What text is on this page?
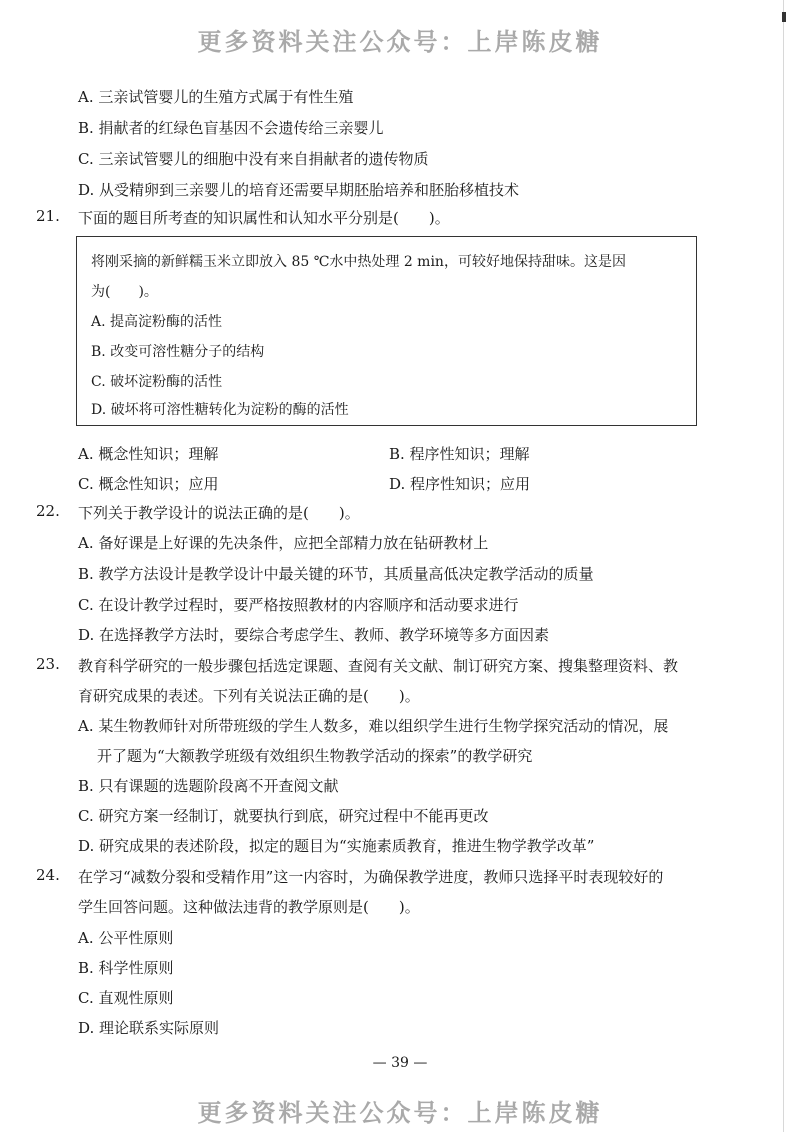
更多资料关注公众号：上岸陈皮糖
A. 三亲试管婴儿的生殖方式属于有性生殖
B. 捐献者的红绿色盲基因不会遗传给三亲婴儿
C. 三亲试管婴儿的细胞中没有来自捐献者的遗传物质
D. 从受精卵到三亲婴儿的培育还需要早期胚胎培养和胚胎移植技术
21. 下面的题目所考查的知识属性和认知水平分别是(　　)。
将刚采摘的新鲜糯玉米立即放入 85 ℃水中热处理 2 min，可较好地保持甜味。这是因
为(　　)。
A. 提高淀粉酶的活性
B. 改变可溶性糖分子的结构
C. 破坏淀粉酶的活性
D. 破坏将可溶性糖转化为淀粉的酶的活性
A. 概念性知识；理解	B. 程序性知识；理解
C. 概念性知识；应用	D. 程序性知识；应用
22. 下列关于教学设计的说法正确的是(　　)。
A. 备好课是上好课的先决条件，应把全部精力放在钻研教材上
B. 教学方法设计是教学设计中最关键的环节，其质量高低决定教学活动的质量
C. 在设计教学过程时，要严格按照教材的内容顺序和活动要求进行
D. 在选择教学方法时，要综合考虑学生、教师、教学环境等多方面因素
23. 教育科学研究的一般步骤包括选定课题、查阅有关文献、制订研究方案、搜集整理资料、教
育研究成果的表述。下列有关说法正确的是(　　)。
A. 某生物教师针对所带班级的学生人数多，难以组织学生进行生物学探究活动的情况，展
开了题为“大额教学班级有效组织生物教学活动的探索”的教学研究
B. 只有课题的选题阶段离不开查阅文献
C. 研究方案一经制订，就要执行到底，研究过程中不能再更改
D. 研究成果的表述阶段，拟定的题目为“实施素质教育，推进生物学教学改革”
24. 在学习“减数分裂和受精作用”这一内容时，为确保教学进度，教师只选择平时表现较好的
学生回答问题。这种做法违背的教学原则是(　　)。
A. 公平性原则
B. 科学性原则
C. 直观性原则
D. 理论联系实际原则
— 39 —
更多资料关注公众号：上岸陈皮糖
